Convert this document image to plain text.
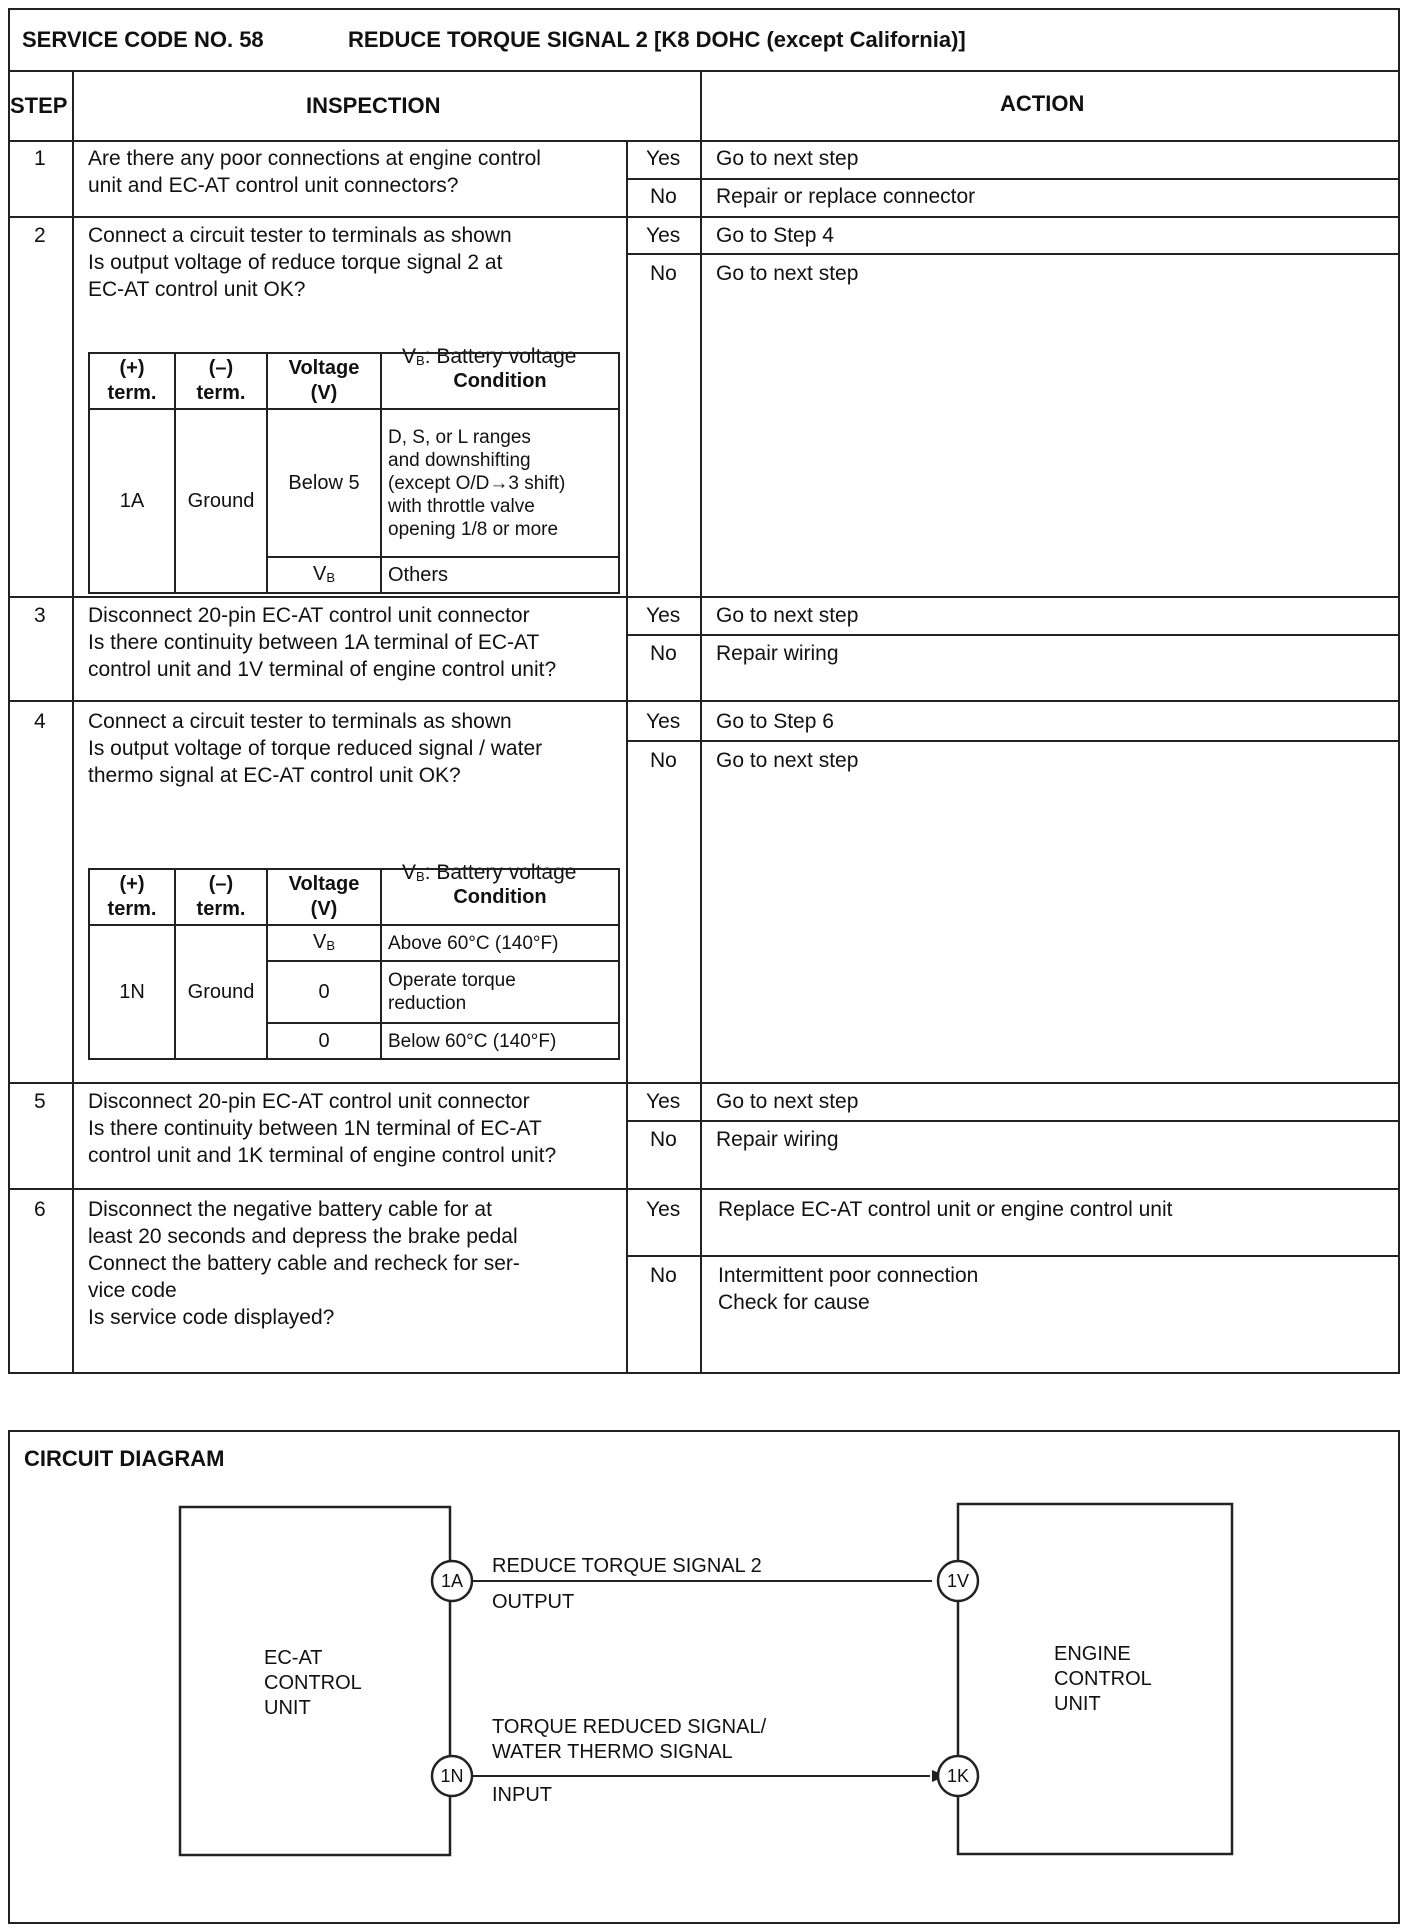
SERVICE CODE NO. 58	REDUCE TORQUE SIGNAL 2 [K8 DOHC (except California)]
STEP	INSPECTION	ACTION
1 Are there any poor connections at engine control
unit and EC-AT control unit connectors?
Yes Go to next step
No Repair or replace connector
2 Connect a circuit tester to terminals as shown
Is output voltage of reduce torque signal 2 at
EC-AT control unit OK?

$V_B$: Battery voltage

(+) term.	(–) term.	Voltage (V)	Condition
1A	Ground	Below 5	D, S, or L ranges
and downshifting
(except O/D→3 shift)
with throttle valve
opening 1/8 or more
		$V_B$	Others
Yes Go to Step 4
No Go to next step
3 Disconnect 20-pin EC-AT control unit connector
Is there continuity between 1A terminal of EC-AT
control unit and 1V terminal of engine control unit?
Yes Go to next step
No Repair wiring
4 Connect a circuit tester to terminals as shown
Is output voltage of torque reduced signal / water
thermo signal at EC-AT control unit OK?

$V_B$: Battery voltage

(+) term.	(–) term.	Voltage (V)	Condition
1N	Ground	$V_B$	Above 60°C (140°F)
		0	Operate torque
reduction
		0	Below 60°C (140°F)
Yes Go to Step 6
No Go to next step
5 Disconnect 20-pin EC-AT control unit connector
Is there continuity between 1N terminal of EC-AT
control unit and 1K terminal of engine control unit?
Yes Go to next step
No Repair wiring
6 Disconnect the negative battery cable for at
least 20 seconds and depress the brake pedal
Connect the battery cable and recheck for ser-
vice code
Is service code displayed?
Yes Replace EC-AT control unit or engine control unit
No Intermittent poor connection
Check for cause
CIRCUIT DIAGRAM
1A
1N
1V
1K
EC-AT
CONTROL
UNIT
ENGINE
CONTROL
UNIT
REDUCE TORQUE SIGNAL 2
OUTPUT
TORQUE REDUCED SIGNAL/
WATER THERMO SIGNAL
INPUT
